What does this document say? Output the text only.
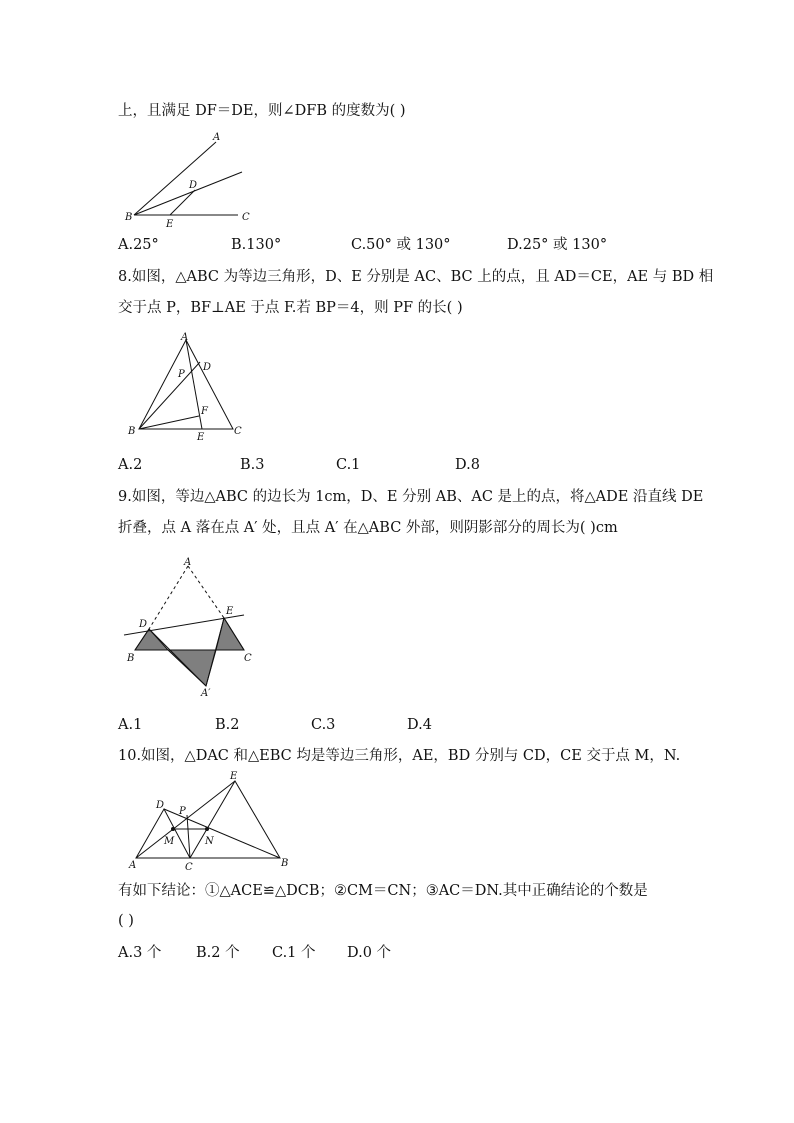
上，且满足 DF＝DE，则∠DFB 的度数为( )
A
D
B
E
C
A.25°	B.130°	C.50° 或 130°	D.25° 或 130°
8.如图，△ABC 为等边三角形，D、E 分别是 AC、BC 上的点，且 AD＝CE，AE 与 BD 相
交于点 P，BF⊥AE 于点 F.若 BP＝4，则 PF 的长( )
A
D
P
F
B
E
C
A.2	B.3	C.1	D.8
9.如图，等边△ABC 的边长为 1cm，D、E 分别 AB、AC 是上的点，将△ADE 沿直线 DE
折叠，点 A 落在点 A′ 处，且点 A′ 在△ABC 外部，则阴影部分的周长为( )cm
A
E
D
B	C
A′
A.1	B.2	C.3	D.4
10.如图，△DAC 和△EBC 均是等边三角形，AE，BD 分别与 CD，CE 交于点 M，N.
E
D
P
M	N
A	C	B
有如下结论：①△ACE≌△DCB；②CM＝CN；③AC＝DN.其中正确结论的个数是
( )
A.3 个 B.2 个 C.1 个 D.0 个
